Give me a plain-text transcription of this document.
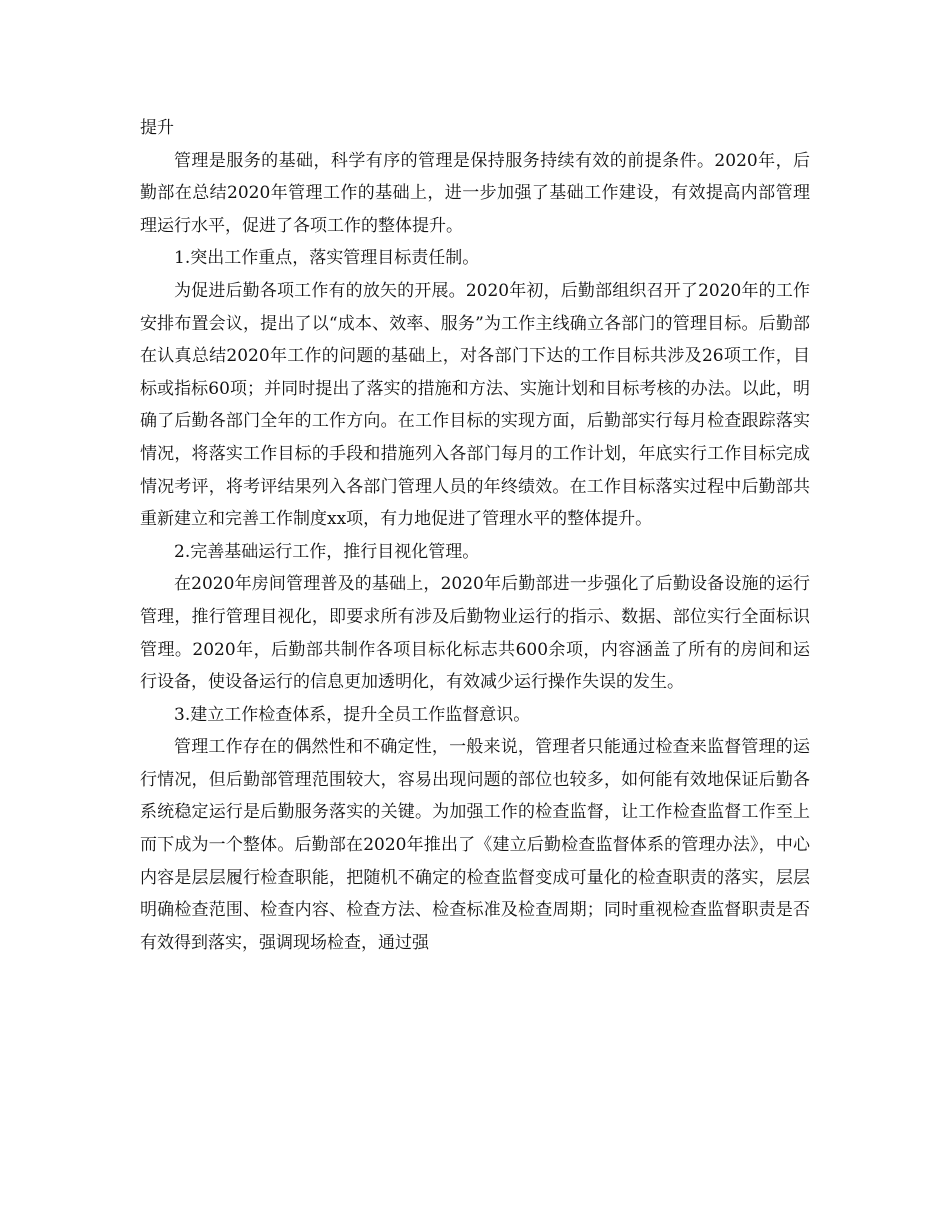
提升

管理是服务的基础，科学有序的管理是保持服务持续有效的前提条件。2020年，后勤部在总结2020年管理工作的基础上，进一步加强了基础工作建设，有效提高内部管理理运行水平，促进了各项工作的整体提升。

1.突出工作重点，落实管理目标责任制。

为促进后勤各项工作有的放矢的开展。2020年初，后勤部组织召开了2020年的工作安排布置会议，提出了以“成本、效率、服务”为工作主线确立各部门的管理目标。后勤部在认真总结2020年工作的问题的基础上，对各部门下达的工作目标共涉及26项工作，目标或指标60项；并同时提出了落实的措施和方法、实施计划和目标考核的办法。以此，明确了后勤各部门全年的工作方向。在工作目标的实现方面，后勤部实行每月检查跟踪落实情况，将落实工作目标的手段和措施列入各部门每月的工作计划，年底实行工作目标完成情况考评，将考评结果列入各部门管理人员的年终绩效。在工作目标落实过程中后勤部共重新建立和完善工作制度xx项，有力地促进了管理水平的整体提升。

2.完善基础运行工作，推行目视化管理。

在2020年房间管理普及的基础上，2020年后勤部进一步强化了后勤设备设施的运行管理，推行管理目视化，即要求所有涉及后勤物业运行的指示、数据、部位实行全面标识管理。2020年，后勤部共制作各项目标化标志共600余项，内容涵盖了所有的房间和运行设备，使设备运行的信息更加透明化，有效减少运行操作失误的发生。

3.建立工作检查体系，提升全员工作监督意识。

管理工作存在的偶然性和不确定性，一般来说，管理者只能通过检查来监督管理的运行情况，但后勤部管理范围较大，容易出现问题的部位也较多，如何能有效地保证后勤各系统稳定运行是后勤服务落实的关键。为加强工作的检查监督，让工作检查监督工作至上而下成为一个整体。后勤部在2020年推出了《建立后勤检查监督体系的管理办法》，中心内容是层层履行检查职能，把随机不确定的检查监督变成可量化的检查职责的落实，层层明确检查范围、检查内容、检查方法、检查标准及检查周期；同时重视检查监督职责是否有效得到落实，强调现场检查，通过强
